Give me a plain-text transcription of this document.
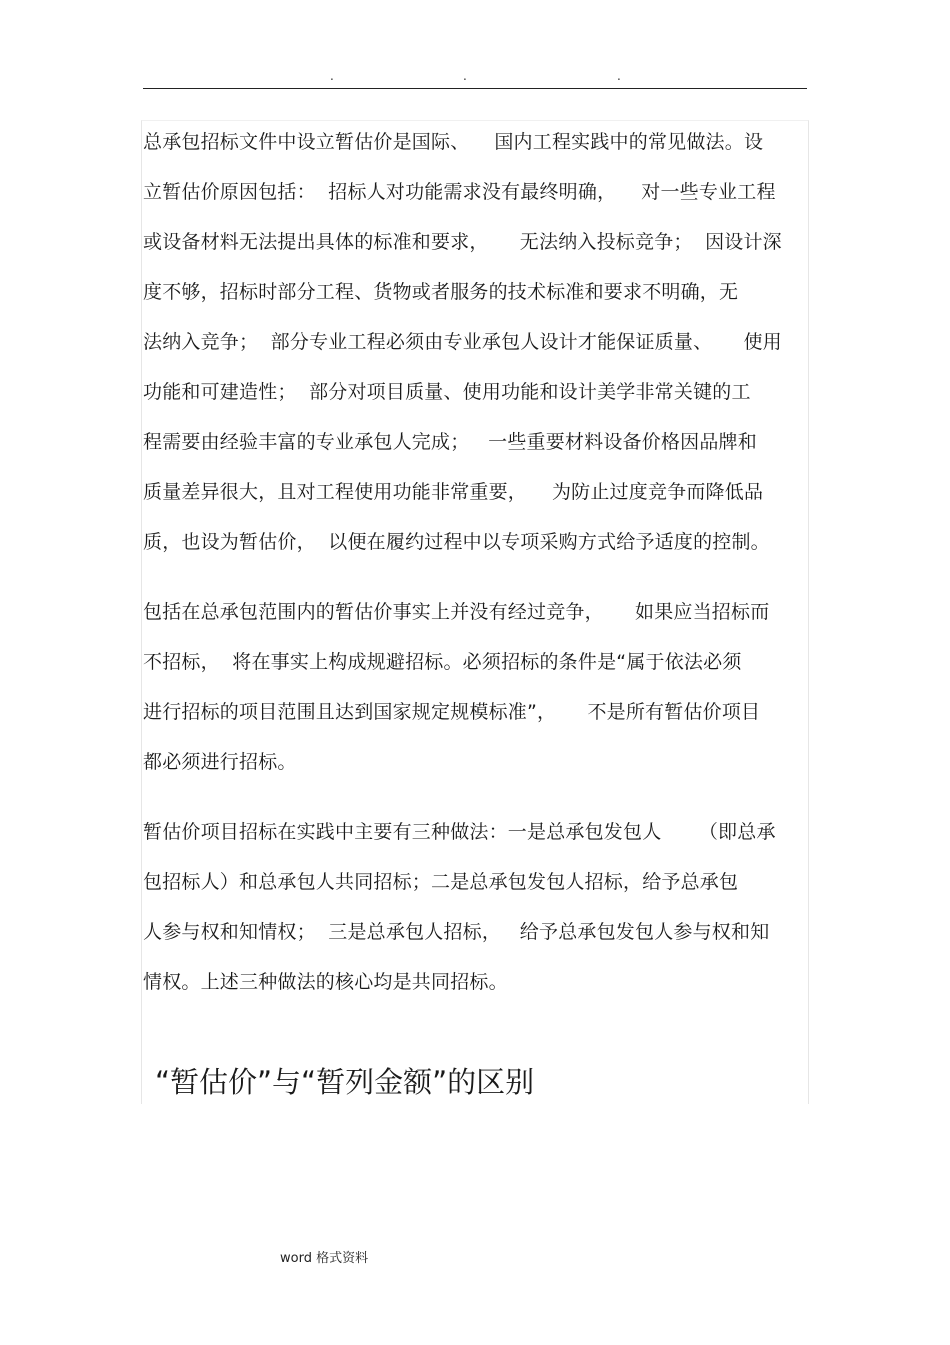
.	.	.
总承包招标文件中设立暂估价是国际、    国内工程实践中的常见做法。设
立暂估价原因包括：  招标人对功能需求没有最终明确，    对一些专业工程
或设备材料无法提出具体的标准和要求，     无法纳入投标竞争；  因设计深
度不够，招标时部分工程、货物或者服务的技术标准和要求不明确，无
法纳入竞争；  部分专业工程必须由专业承包人设计才能保证质量、     使用
功能和可建造性；  部分对项目质量、使用功能和设计美学非常关键的工
程需要由经验丰富的专业承包人完成；   一些重要材料设备价格因品牌和
质量差异很大，且对工程使用功能非常重要，    为防止过度竞争而降低品
质，也设为暂估价，  以便在履约过程中以专项采购方式给予适度的控制。
包括在总承包范围内的暂估价事实上并没有经过竞争，     如果应当招标而
不招标，  将在事实上构成规避招标。必须招标的条件是“属于依法必须
进行招标的项目范围且达到国家规定规模标准”，     不是所有暂估价项目
都必须进行招标。
暂估价项目招标在实践中主要有三种做法：一是总承包发包人      （即总承
包招标人）和总承包人共同招标；二是总承包发包人招标，给予总承包
人参与权和知情权；  三是总承包人招标，   给予总承包发包人参与权和知
情权。上述三种做法的核心均是共同招标。
“暂估价”与“暂列金额”的区别
word 格式资料
